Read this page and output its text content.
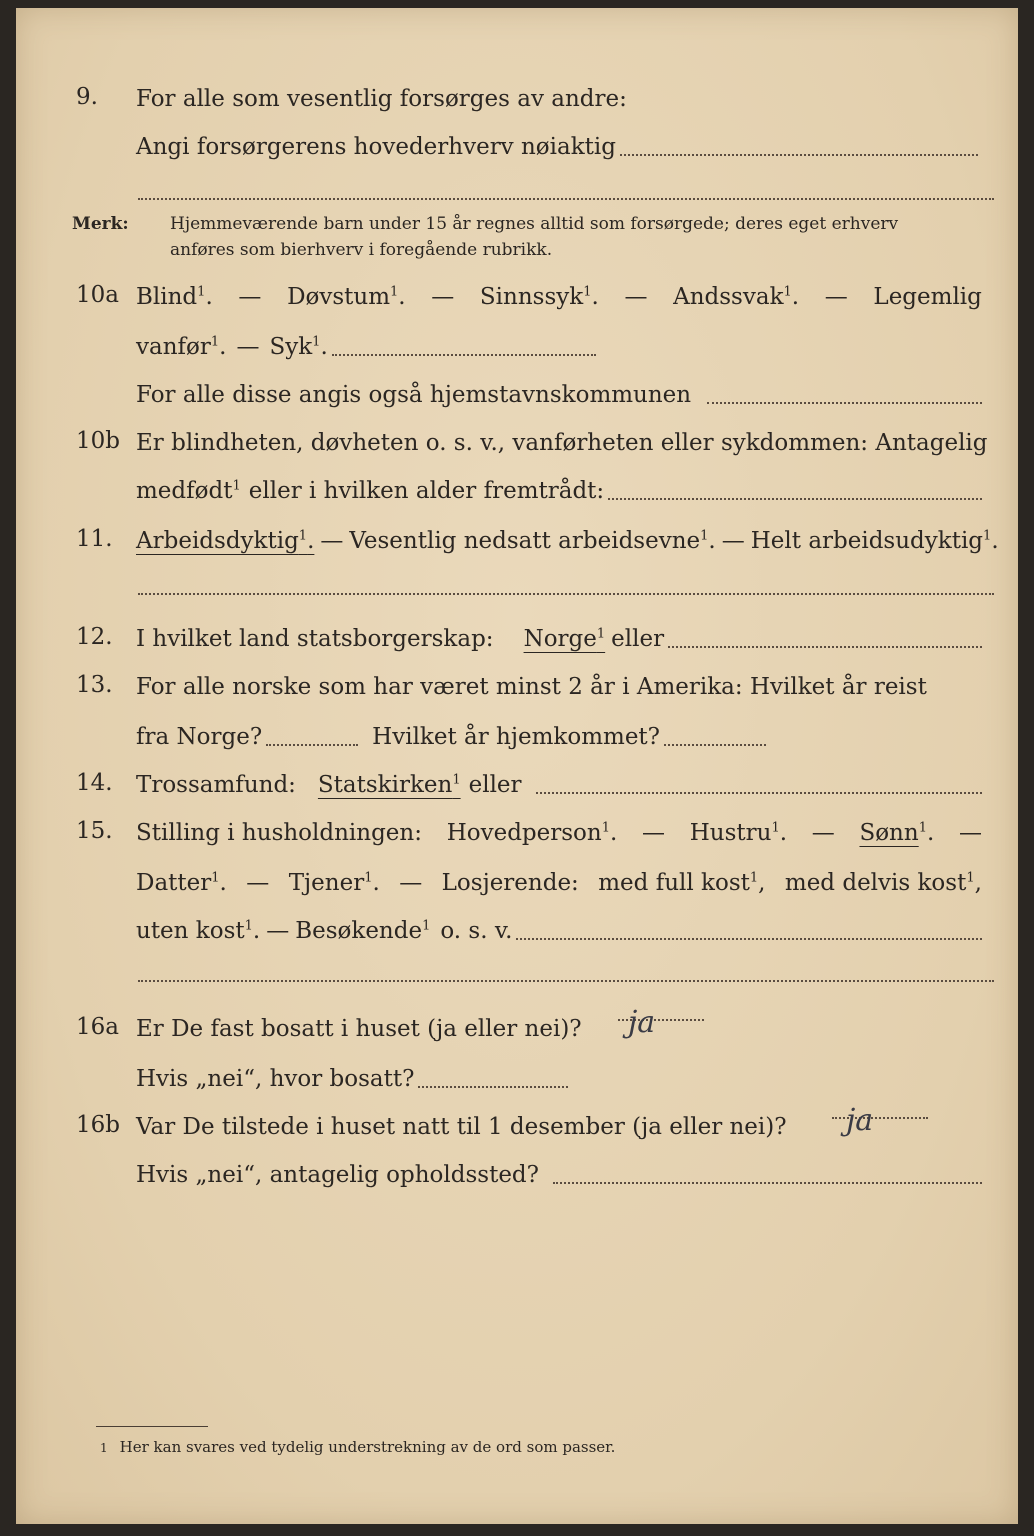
9. For alle som vesentlig forsørges av andre:
Angi forsørgerens hovederhverv nøiaktig
Merk: Hjemmeværende barn under 15 år regnes alltid som forsørgede; deres eget erhverv
anføres som bierhverv i foregående rubrikk.
10a Blind$^1$. — Døvstum$^1$. — Sinnssyk$^1$. — Andssvak$^1$. — Legemlig
vanfør$^1$. — Syk$^1$.
For alle disse angis også hjemstavnskommunen
10b Er blindheten, døvheten o. s. v., vanførheten eller sykdommen: Antagelig
medfødt$^1$ eller i hvilken alder fremtrådt:
11. Arbeidsdyktig$^1$. — Vesentlig nedsatt arbeidsevne$^1$. — Helt arbeidsudyktig$^1$.
12. I hvilket land statsborgerskap: Norge$^1$ eller
13. For alle norske som har været minst 2 år i Amerika: Hvilket år reist
fra Norge?	Hvilket år hjemkommet?
14. Trossamfund: Statskirken$^1$ eller
15. Stilling i husholdningen: Hovedperson$^1$. — Hustru$^1$. — Sønn$^1$. —
Datter$^1$. — Tjener$^1$. — Losjerende: med full kost$^1$, med delvis kost$^1$,
uten kost$^1$. — Besøkende$^1$ o. s. v.
16a Er De fast bosatt i huset (ja eller nei)? ja
Hvis „nei“, hvor bosatt?
16b Var De tilstede i huset natt til 1 desember (ja eller nei)? ja
Hvis „nei“, antagelig opholdssted?
1 Her kan svares ved tydelig understrekning av de ord som passer.
